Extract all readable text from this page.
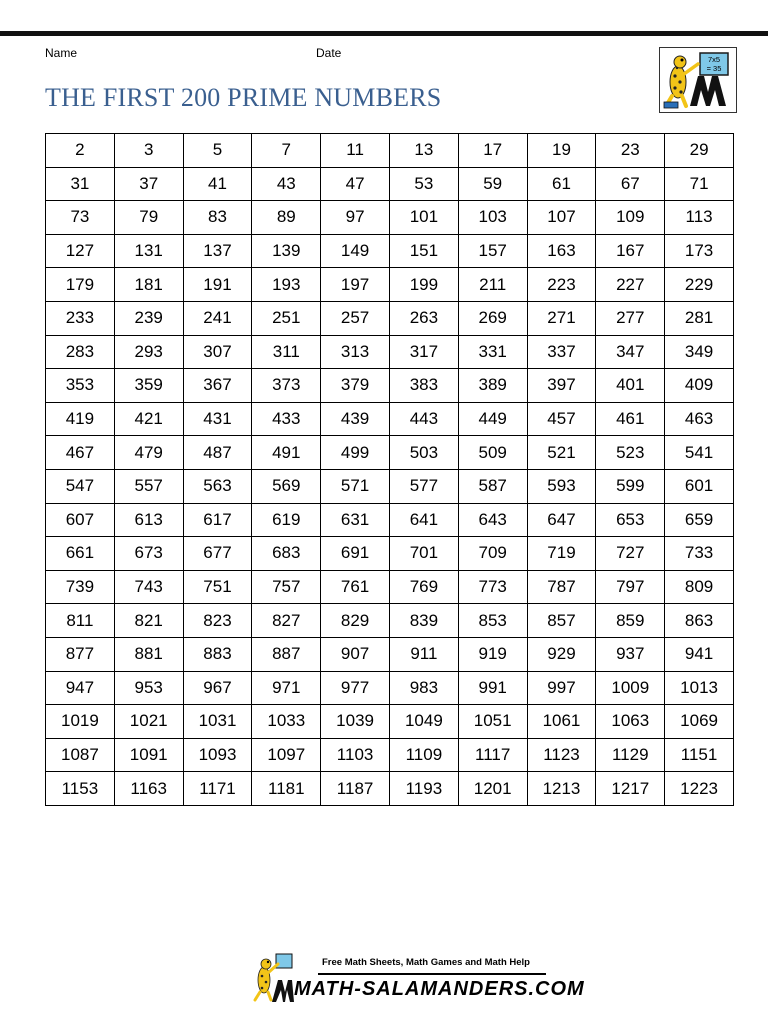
Name	Date
THE FIRST 200 PRIME NUMBERS
7x5
= 35
2	3	5	7	11	13	17	19	23	29
31	37	41	43	47	53	59	61	67	71
73	79	83	89	97	101	103	107	109	113
127	131	137	139	149	151	157	163	167	173
179	181	191	193	197	199	211	223	227	229
233	239	241	251	257	263	269	271	277	281
283	293	307	311	313	317	331	337	347	349
353	359	367	373	379	383	389	397	401	409
419	421	431	433	439	443	449	457	461	463
467	479	487	491	499	503	509	521	523	541
547	557	563	569	571	577	587	593	599	601
607	613	617	619	631	641	643	647	653	659
661	673	677	683	691	701	709	719	727	733
739	743	751	757	761	769	773	787	797	809
811	821	823	827	829	839	853	857	859	863
877	881	883	887	907	911	919	929	937	941
947	953	967	971	977	983	991	997	1009	1013
1019	1021	1031	1033	1039	1049	1051	1061	1063	1069
1087	1091	1093	1097	1103	1109	1117	1123	1129	1151
1153	1163	1171	1181	1187	1193	1201	1213	1217	1223
Free Math Sheets, Math Games and Math Help
MATH-SALAMANDERS.COM
